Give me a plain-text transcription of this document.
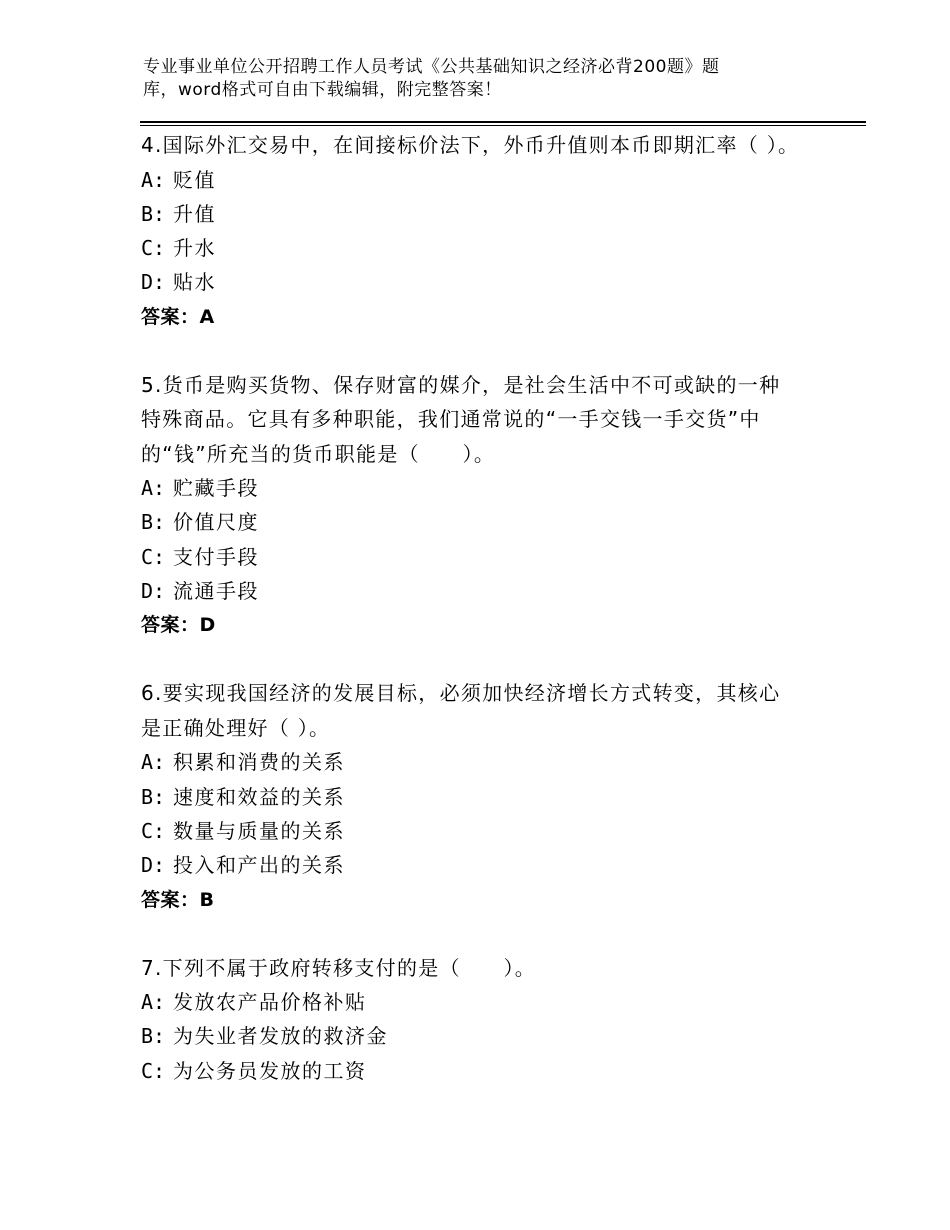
专业事业单位公开招聘工作人员考试《公共基础知识之经济必背200题》题
库，word格式可自由下载编辑，附完整答案！

4.国际外汇交易中，在间接标价法下，外币升值则本币即期汇率（ ）。

A: 贬值

B: 升值

C: 升水

D: 贴水

答案：A

5.货币是购买货物、保存财富的媒介，是社会生活中不可或缺的一种特殊商品。它具有多种职能，我们通常说的“一手交钱一手交货”中的“钱”所充当的货币职能是（　　）。

A: 贮藏手段

B: 价值尺度

C: 支付手段

D: 流通手段

答案：D

6.要实现我国经济的发展目标，必须加快经济增长方式转变，其核心是正确处理好（ ）。

A: 积累和消费的关系

B: 速度和效益的关系

C: 数量与质量的关系

D: 投入和产出的关系

答案：B

7.下列不属于政府转移支付的是（　　）。

A: 发放农产品价格补贴

B: 为失业者发放的救济金

C: 为公务员发放的工资
